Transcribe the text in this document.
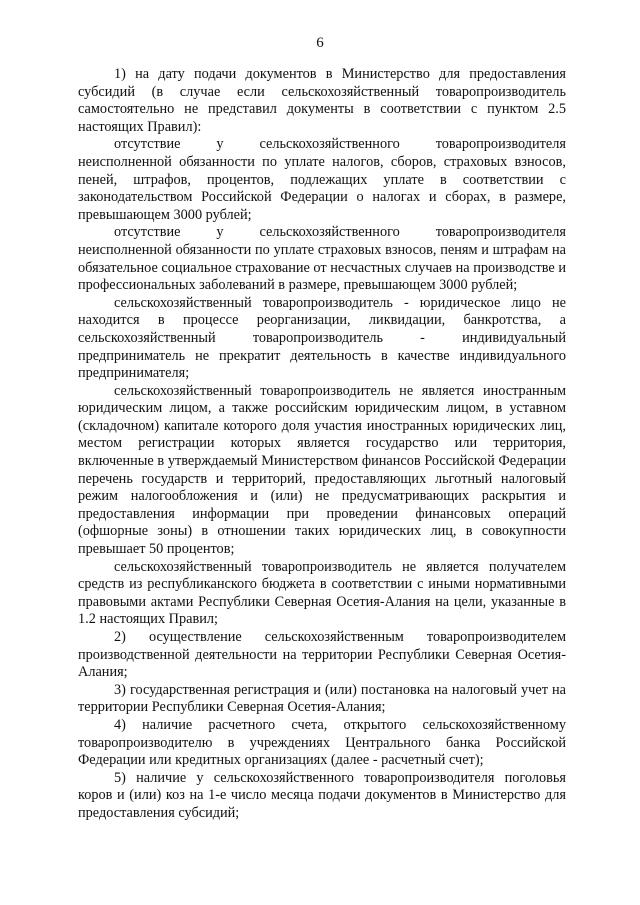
6

1) на дату подачи документов в Министерство для предоставления субсидий (в случае если сельскохозяйственный товаропроизводитель самостоятельно не представил документы в соответствии с пунктом 2.5 настоящих Правил):

отсутствие у сельскохозяйственного товаропроизводителя неисполненной обязанности по уплате налогов, сборов, страховых взносов, пеней, штрафов, процентов, подлежащих уплате в соответствии с законодательством Российской Федерации о налогах и сборах, в размере, превышающем 3000 рублей;

отсутствие у сельскохозяйственного товаропроизводителя неисполненной обязанности по уплате страховых взносов, пеням и штрафам на обязательное социальное страхование от несчастных случаев на производстве и профессиональных заболеваний в размере, превышающем 3000 рублей;

сельскохозяйственный товаропроизводитель - юридическое лицо не находится в процессе реорганизации, ликвидации, банкротства, а сельскохозяйственный товаропроизводитель - индивидуальный предприниматель не прекратит деятельность в качестве индивидуального предпринимателя;

сельскохозяйственный товаропроизводитель не является иностранным юридическим лицом, а также российским юридическим лицом, в уставном (складочном) капитале которого доля участия иностранных юридических лиц, местом регистрации которых является государство или территория, включенные в утверждаемый Министерством финансов Российской Федерации перечень государств и территорий, предоставляющих льготный налоговый режим налогообложения и (или) не предусматривающих раскрытия и предоставления информации при проведении финансовых операций (офшорные зоны) в отношении таких юридических лиц, в совокупности превышает 50 процентов;

сельскохозяйственный товаропроизводитель не является получателем средств из республиканского бюджета в соответствии с иными нормативными правовыми актами Республики Северная Осетия-Алания на цели, указанные в 1.2 настоящих Правил;

2) осуществление сельскохозяйственным товаропроизводителем производственной деятельности на территории Республики Северная Осетия-Алания;

3) государственная регистрация и (или) постановка на налоговый учет на территории Республики Северная Осетия-Алания;

4) наличие расчетного счета, открытого сельскохозяйственному товаропроизводителю в учреждениях Центрального банка Российской Федерации или кредитных организациях (далее - расчетный счет);

5) наличие у сельскохозяйственного товаропроизводителя поголовья коров и (или) коз на 1-е число месяца подачи документов в Министерство для предоставления субсидий;
